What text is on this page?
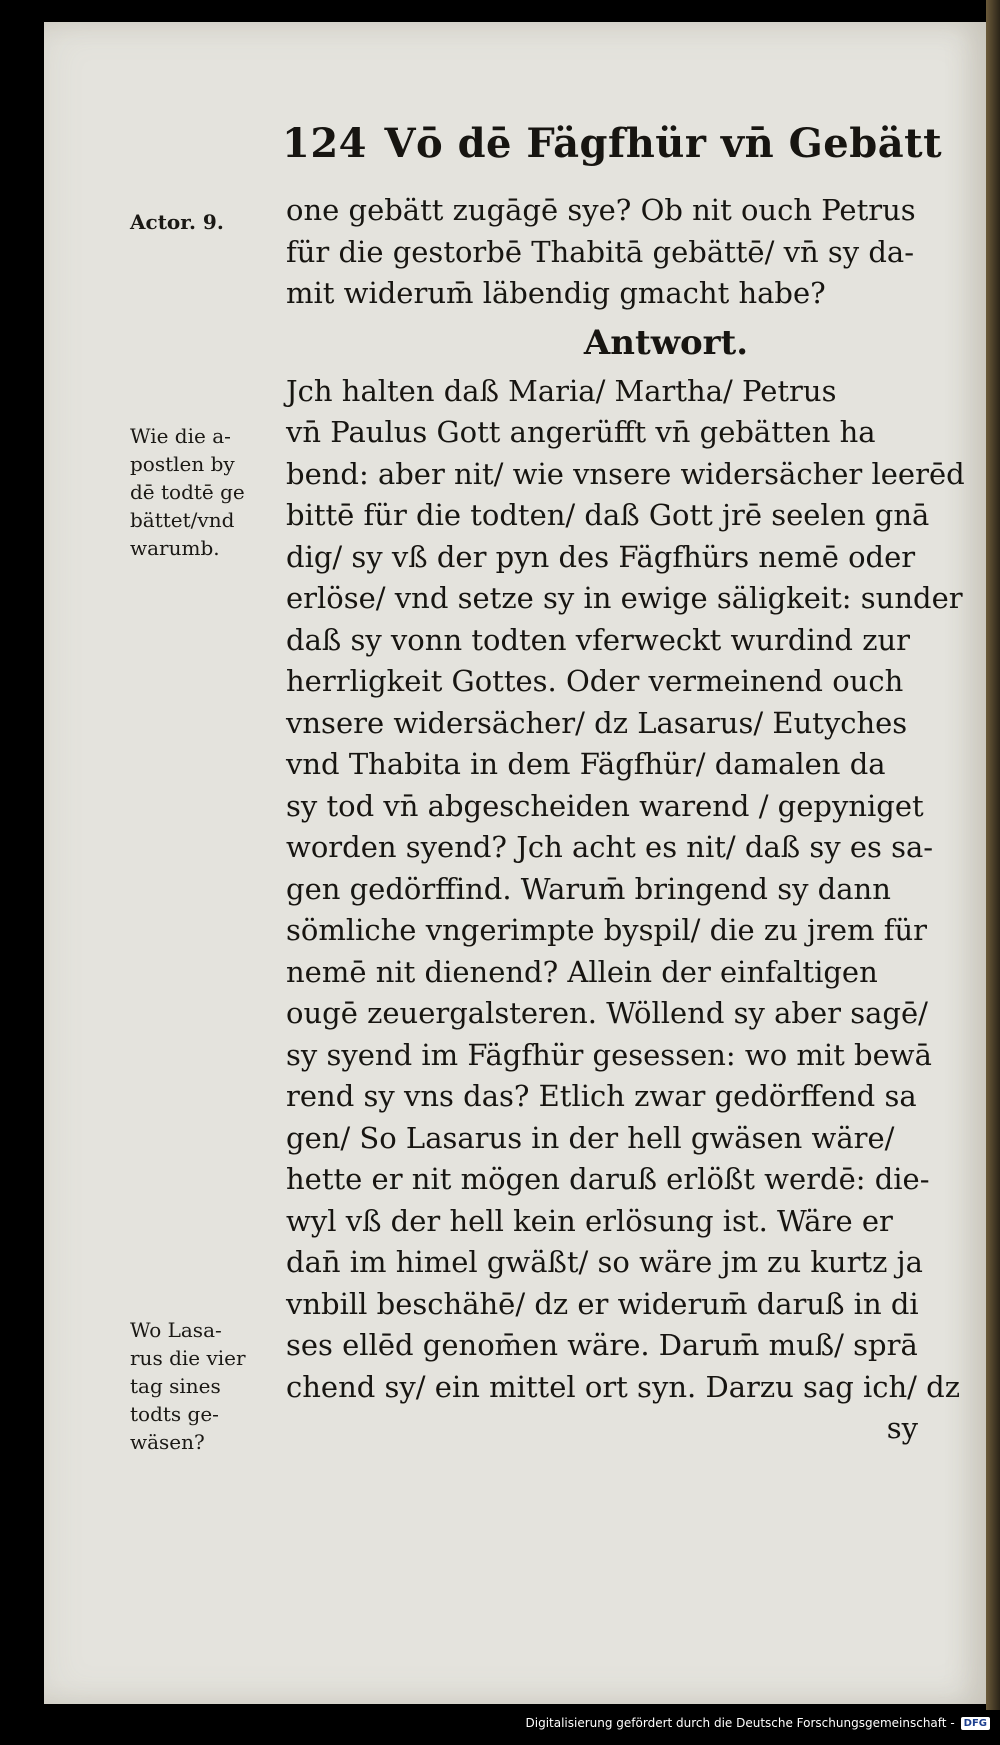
124 Vō dē Fägfhür vn̄ Gebätt
Actor. 9.
Wie die a-
postlen by
dē todtē ge
bättet/vnd
warumb.
Wo Lasa-
rus die vier
tag sines
todts ge-
wäsen?
one gebätt zugāgē sye? Ob nit ouch Petrus
für die gestorbē Thabitā gebättē/ vn̄ sy da-
mit widerum̄ läbendig gmacht habe?
Antwort.
Jch halten daß Maria/ Martha/ Petrus
vn̄ Paulus Gott angerüfft vn̄ gebätten ha
bend: aber nit/ wie vnsere widersächer leerēd
bittē für die todten/ daß Gott jrē seelen gnā
dig/ sy vß der pyn des Fägfhürs nemē oder
erlöse/ vnd setze sy in ewige säligkeit: sunder
daß sy vonn todten vferweckt wurdind zur
herrligkeit Gottes. Oder vermeinend ouch
vnsere widersächer/ dz Lasarus/ Eutyches
vnd Thabita in dem Fägfhür/ damalen da
sy tod vn̄ abgescheiden warend / gepyniget
worden syend? Jch acht es nit/ daß sy es sa-
gen gedörffind. Warum̄ bringend sy dann
sömliche vngerimpte byspil/ die zu jrem für
nemē nit dienend? Allein der einfaltigen
ougē zeuergalsteren. Wöllend sy aber sagē/
sy syend im Fägfhür gesessen: wo mit bewā
rend sy vns das? Etlich zwar gedörffend sa
gen/ So Lasarus in der hell gwäsen wäre/
hette er nit mögen daruß erlößt werdē: die-
wyl vß der hell kein erlösung ist. Wäre er
dan̄ im himel gwäßt/ so wäre jm zu kurtz ja
vnbill beschähē/ dz er widerum̄ daruß in di
ses ellēd genom̄en wäre. Darum̄ muß/ sprā
chend sy/ ein mittel ort syn. Darzu sag ich/ dz
sy
Digitalisierung gefördert durch die Deutsche Forschungsgemeinschaft - DFG
